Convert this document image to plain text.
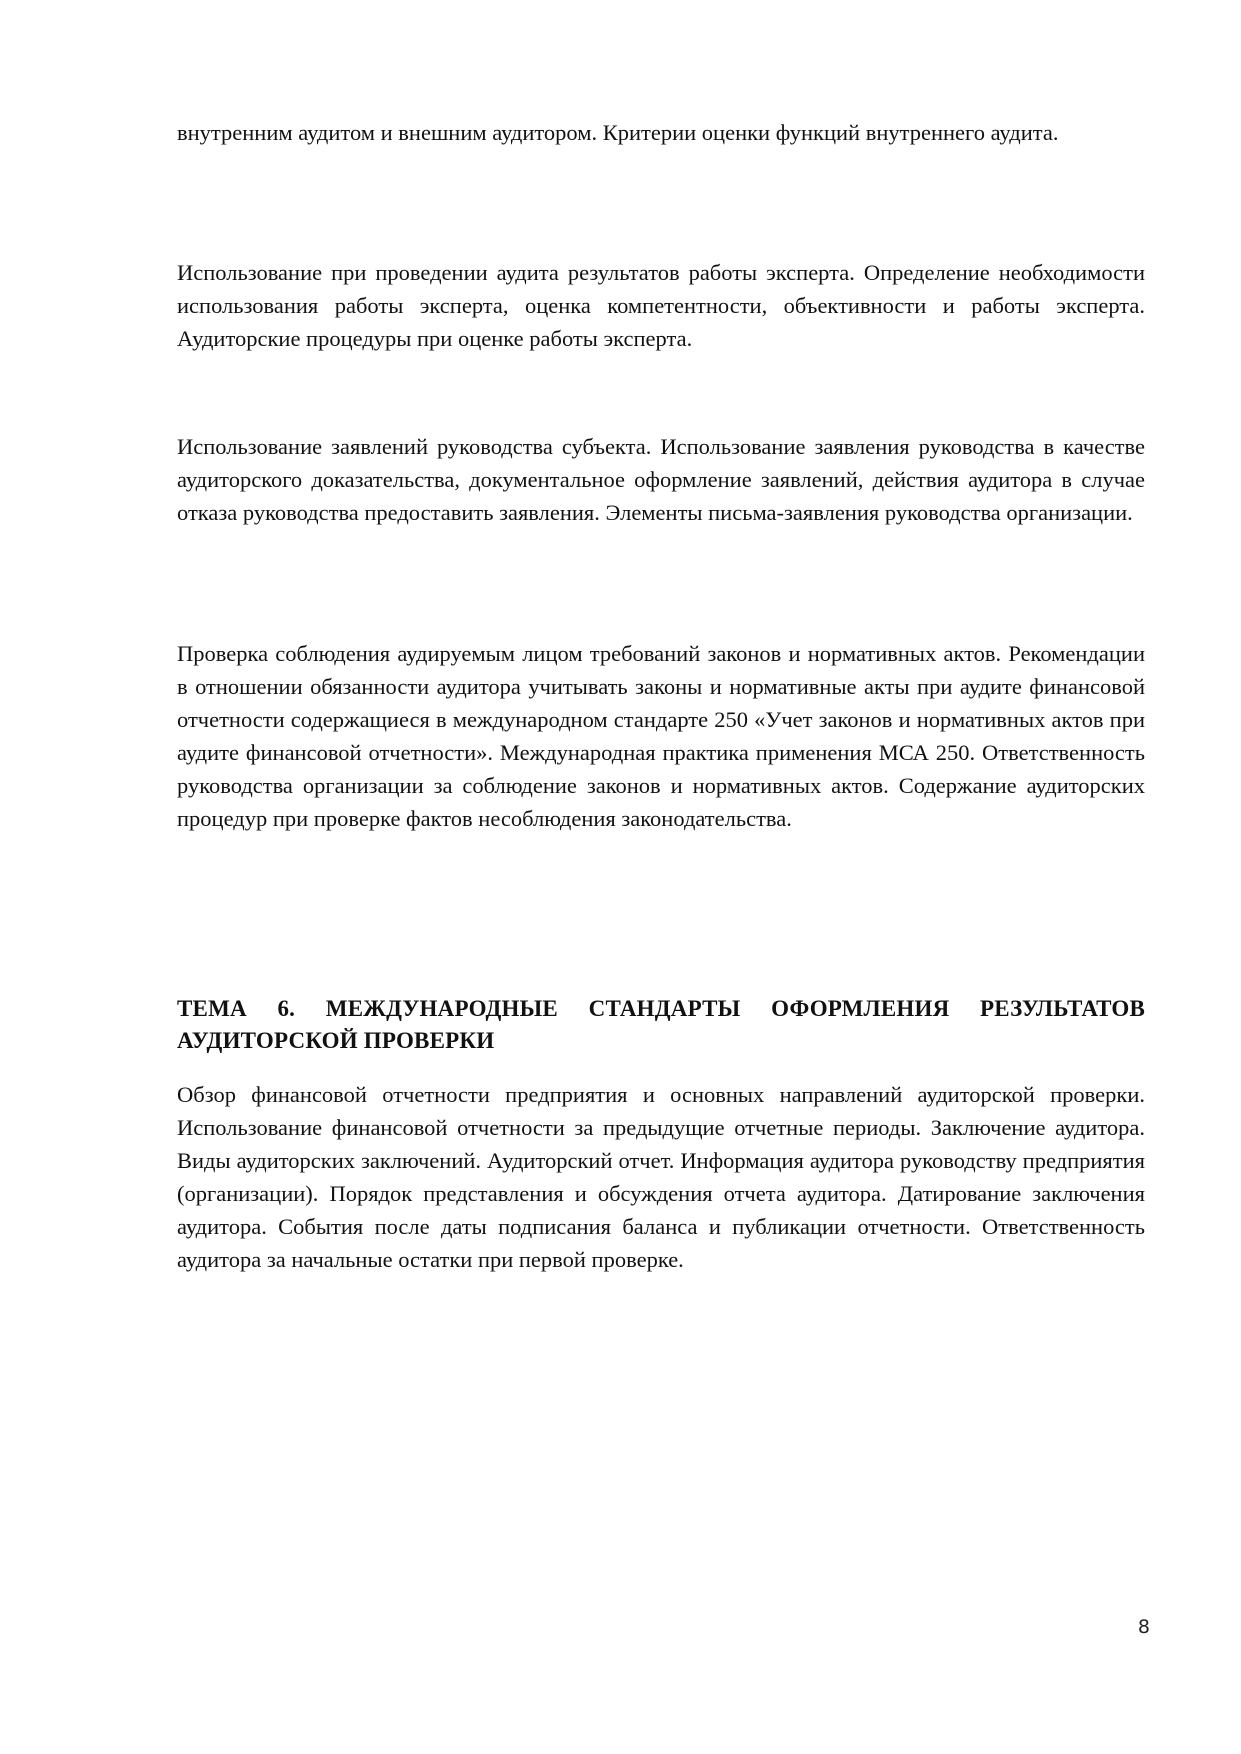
внутренним аудитом и внешним аудитором. Критерии оценки функций внутреннего аудита.

Использование при проведении аудита результатов работы эксперта. Определение необходимости использования работы эксперта, оценка компетентности, объективности и работы эксперта. Аудиторские процедуры при оценке работы эксперта.

Использование заявлений руководства субъекта. Использование заявления руководства в качестве аудиторского доказательства, документальное оформление заявлений, действия аудитора в случае отказа руководства предоставить заявления. Элементы письма-заявления руководства организации.

Проверка соблюдения аудируемым лицом требований законов и нормативных актов. Рекомендации в отношении обязанности аудитора учитывать законы и нормативные акты при аудите финансовой отчетности содержащиеся в международном стандарте 250 «Учет законов и нормативных актов при аудите финансовой отчетности». Международная практика применения МСА 250. Ответственность руководства организации за соблюдение законов и нормативных актов. Содержание аудиторских процедур при проверке фактов несоблюдения законодательства.

ТЕМА 6. МЕЖДУНАРОДНЫЕ СТАНДАРТЫ ОФОРМЛЕНИЯ РЕЗУЛЬТАТОВ АУДИТОРСКОЙ ПРОВЕРКИ

Обзор финансовой отчетности предприятия и основных направлений аудиторской проверки. Использование финансовой отчетности за предыдущие отчетные периоды. Заключение аудитора. Виды аудиторских заключений. Аудиторский отчет. Информация аудитора руководству предприятия (организации). Порядок представления и обсуждения отчета аудитора. Датирование заключения аудитора. События после даты подписания баланса и публикации отчетности. Ответственность аудитора за начальные остатки при первой проверке.

8
